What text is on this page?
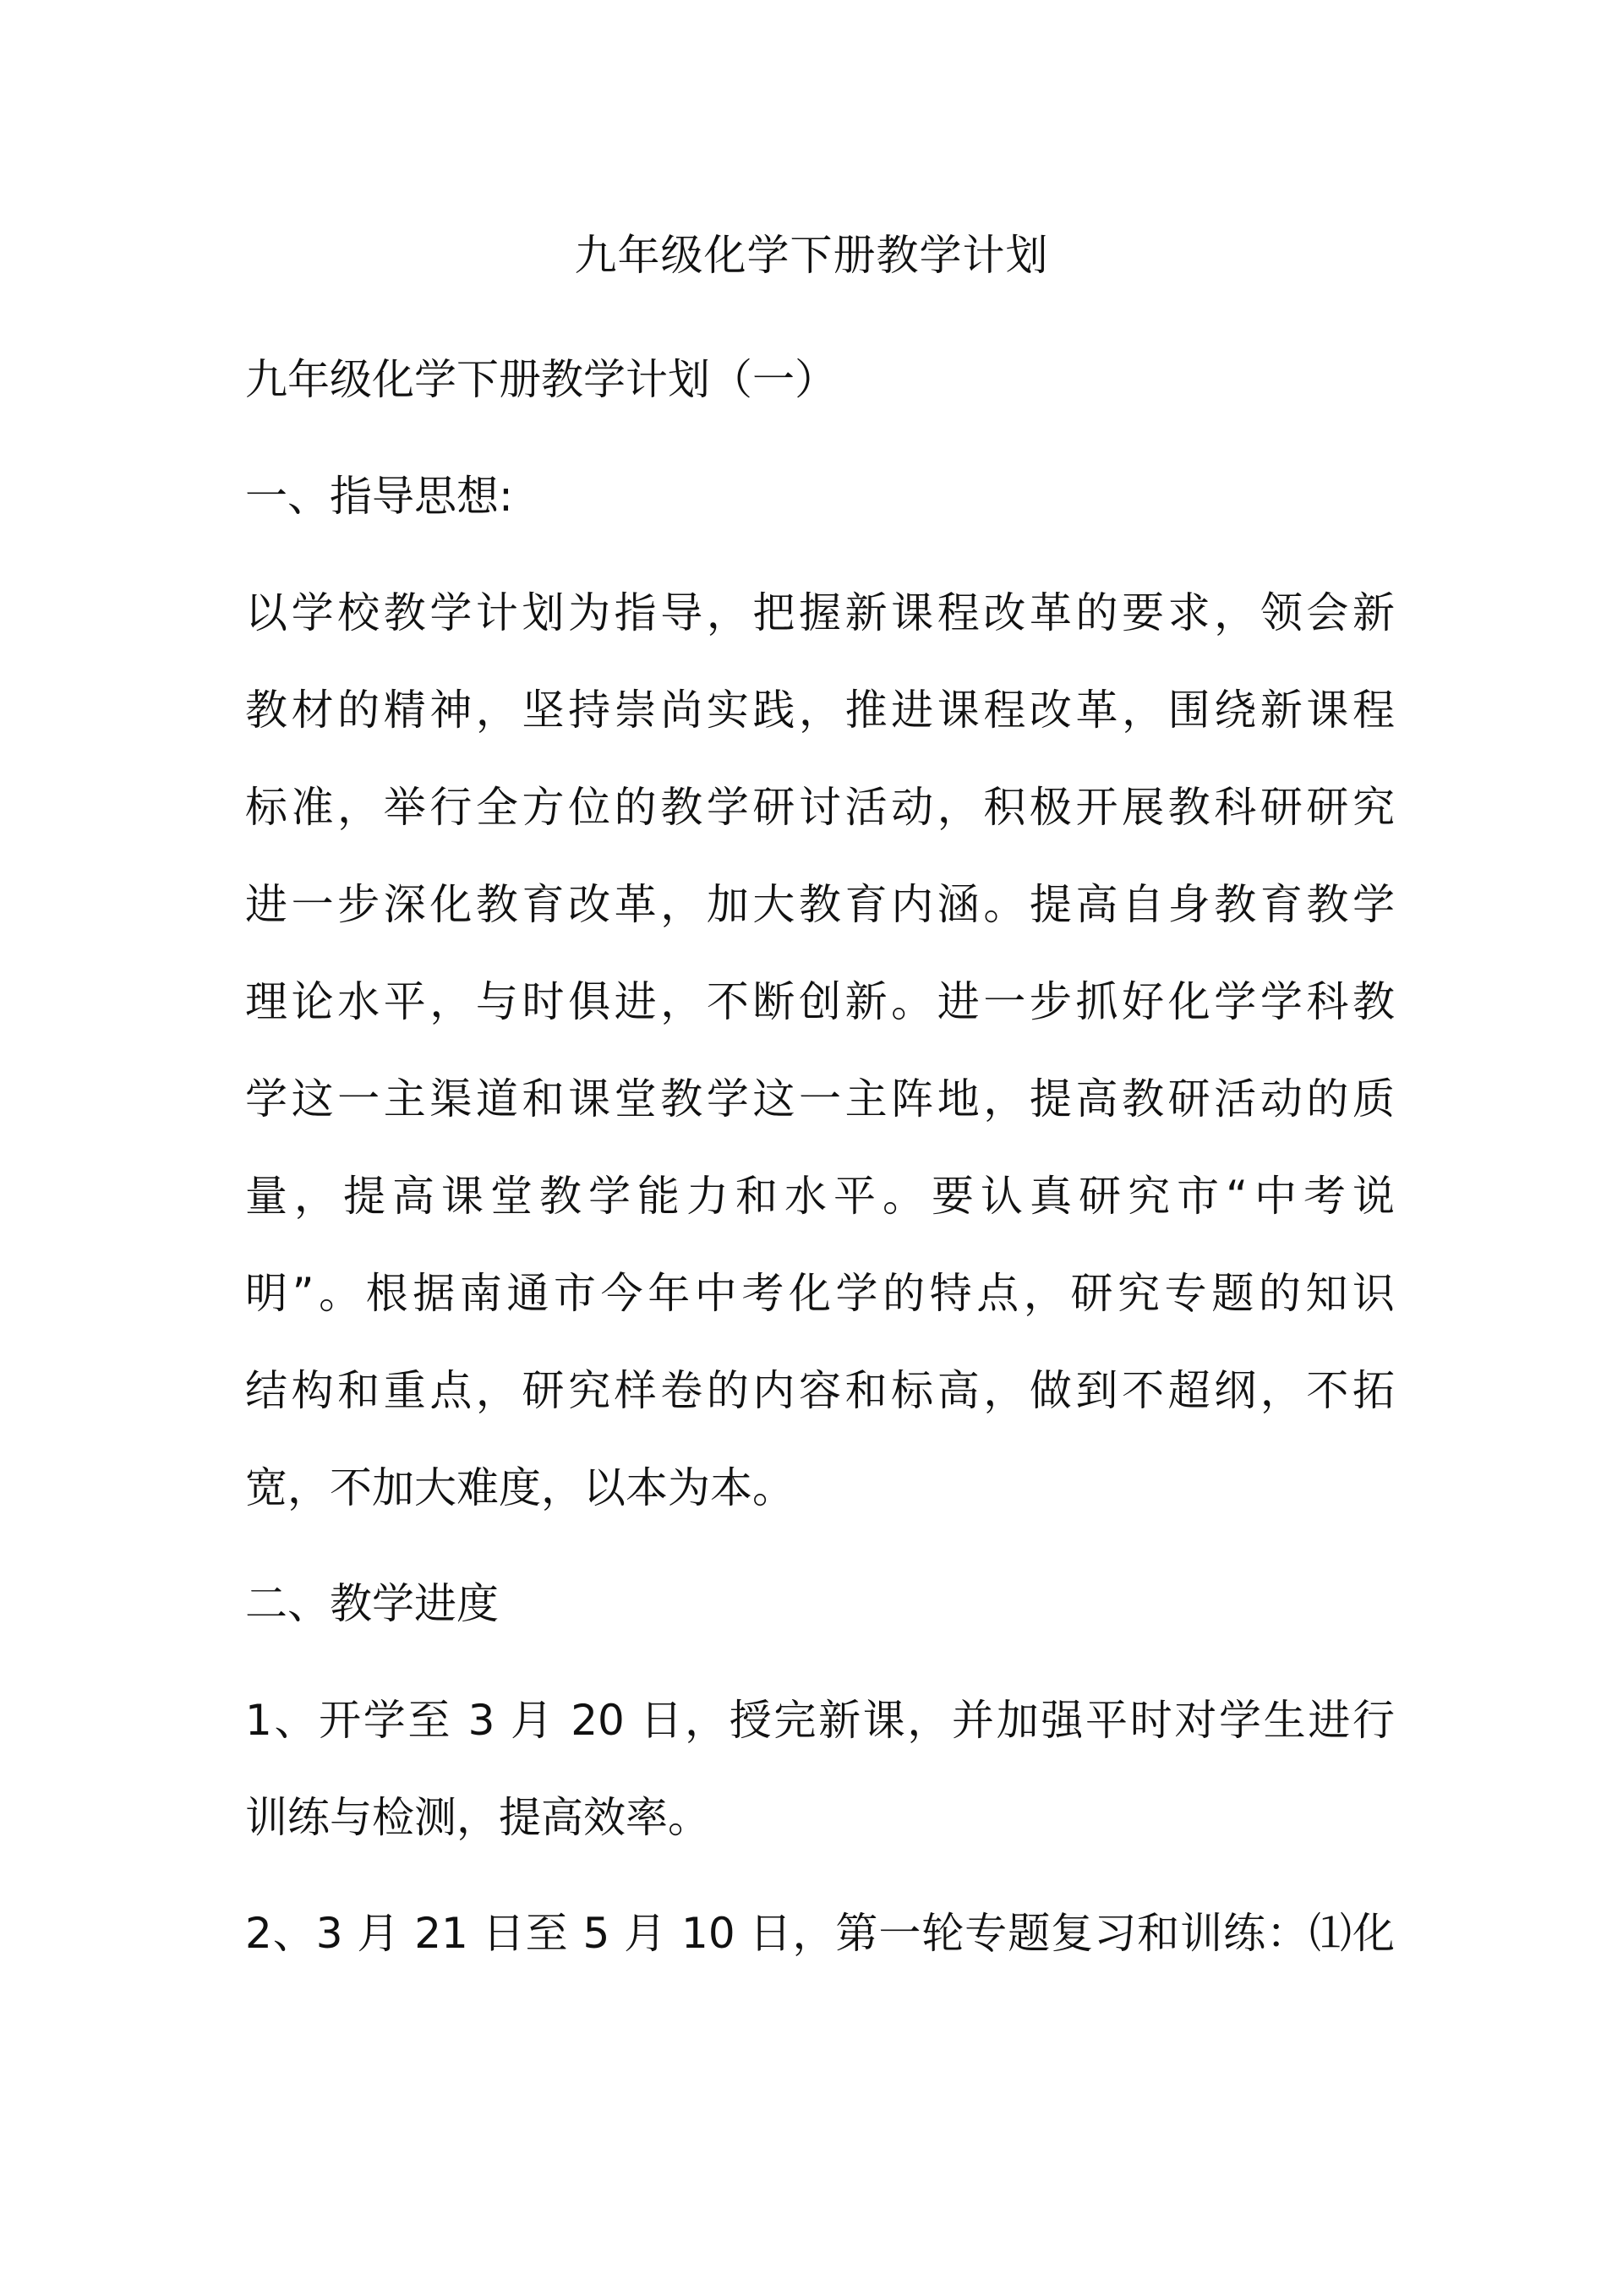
九年级化学下册教学计划
九年级化学下册教学计划（一）
一、指导思想:

以学校教学计划为指导，把握新课程改革的要求，领会新

教材的精神，坚持崇尚实践，推进课程改革，围绕新课程

标准，举行全方位的教学研讨活动，积极开展教科研研究

进一步深化教育改革，加大教育内涵。提高自身教育教学

理论水平，与时俱进，不断创新。进一步抓好化学学科教

学这一主渠道和课堂教学这一主阵地，提高教研活动的质

量，提高课堂教学能力和水平。要认真研究市“中考说

明”。根据南通市今年中考化学的特点，研究专题的知识

结构和重点，研究样卷的内容和标高，做到不超纲，不拓

宽，不加大难度，以本为本。

二、教学进度

1、开学至 3 月 20 日，授完新课，并加强平时对学生进行

训练与检测，提高效率。

2、3 月 21 日至 5 月 10 日，第一轮专题复习和训练：⑴化
